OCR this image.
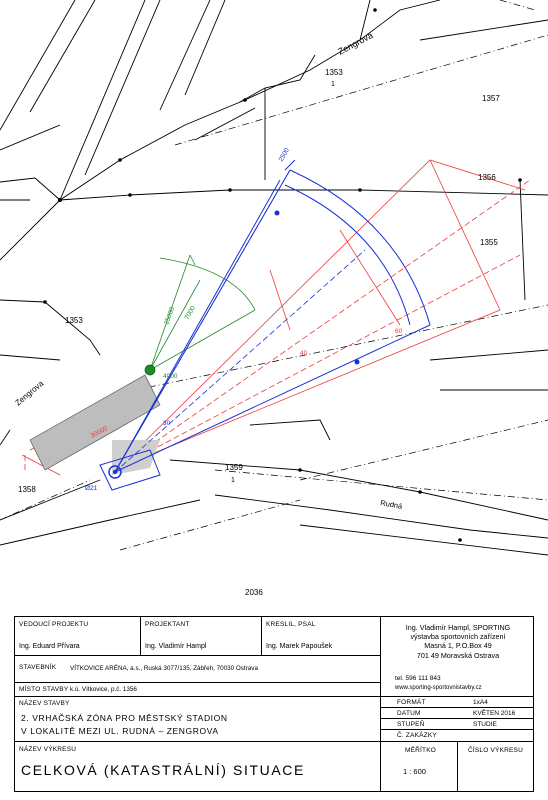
Zengrova
Zengrova
Rudná
1353
1
1357
1356
1355
1353
1358
1359
1
2036
2500
25000 7000
30000
Ø21
60
40
30
4000
VEDOUCÍ PROJEKTU
Ing. Eduard Přívara
PROJEKTANT
Ing. Vladimír Hampl
KRESLIL, PSAL
Ing. Marek Papoušek
Ing. Vladimír Hampl, SPORTING
výstavba sportovních zařízení
Masná 1, P.O.Box 49
701 49 Moravská Ostrava
tel. 596 111 843
www.sporting-sportovnistavby.cz
STAVEBNÍK VÍTKOVICE ARÉNA, a.s., Ruská 3077/135, Zábřeh, 70030 Ostrava
MÍSTO STAVBY k.ú. Vítkovice, p.č. 1356
NÁZEV STAVBY
2. VRHAČSKÁ ZÓNA PRO MĚSTSKÝ STADION
V LOKALITĚ MEZI UL. RUDNÁ – ZENGROVA
FORMÁT	1xA4
DATUM	KVĚTEN 2016
STUPEŇ	STUDIE
Č. ZAKÁZKY
NÁZEV VÝKRESU
CELKOVÁ (KATASTRÁLNÍ) SITUACE
MĚŘÍTKO
1 : 600
ČÍSLO VÝKRESU
